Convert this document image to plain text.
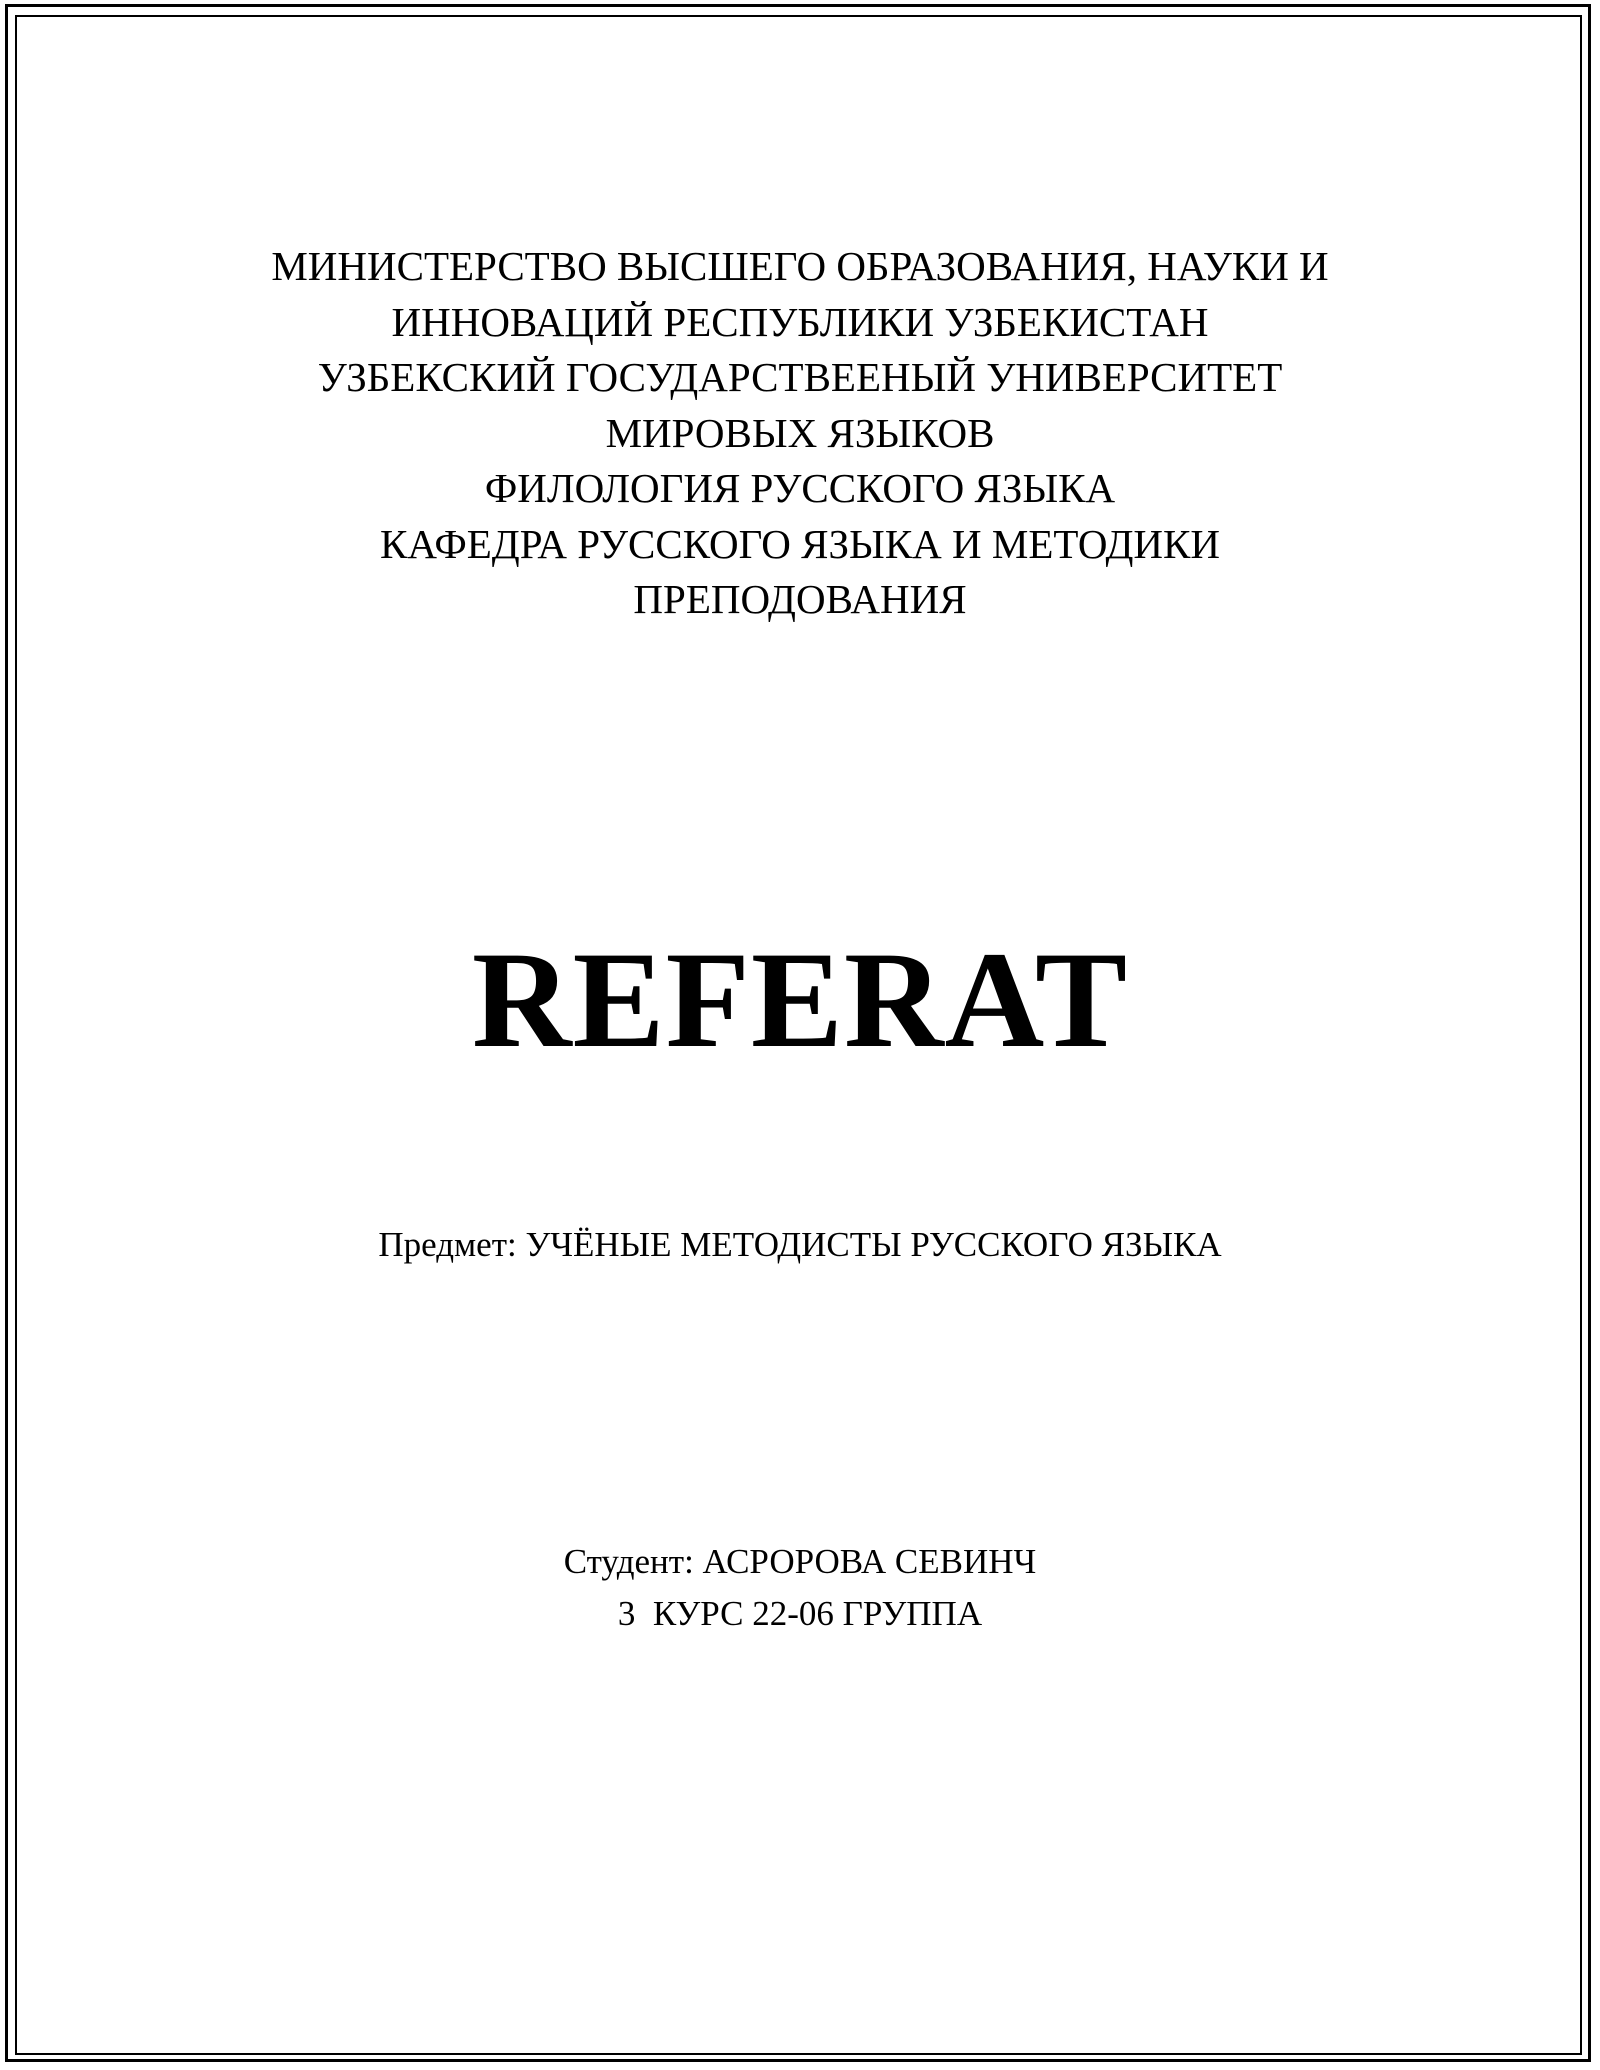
МИНИСТЕРСТВО ВЫСШЕГО ОБРАЗОВАНИЯ, НАУКИ И
ИННОВАЦИЙ РЕСПУБЛИКИ УЗБЕКИСТАН
УЗБЕКСКИЙ ГОСУДАРСТВЕЕНЫЙ УНИВЕРСИТЕТ
МИРОВЫХ ЯЗЫКОВ
ФИЛОЛОГИЯ РУССКОГО ЯЗЫКА
КАФЕДРА РУССКОГО ЯЗЫКА И МЕТОДИКИ
ПРЕПОДОВАНИЯ
REFERAT
Предмет: УЧЁНЫЕ МЕТОДИСТЫ РУССКОГО ЯЗЫКА
Студент: АСРОРОВА СЕВИНЧ
3  КУРС 22-06 ГРУППА
